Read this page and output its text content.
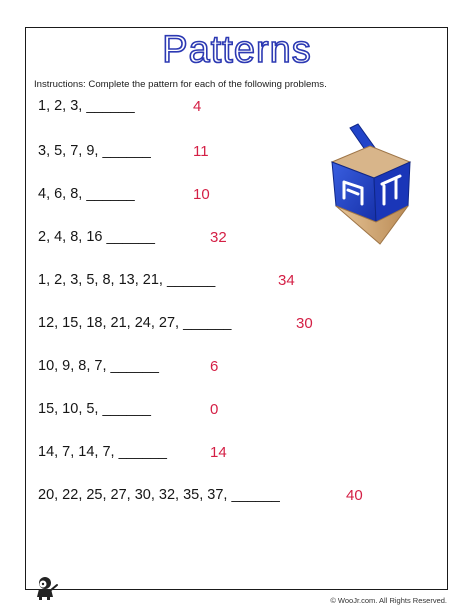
Patterns
Instructions: Complete the pattern for each of the following problems.
1, 2, 3, ______	4
3, 5, 7, 9, ______	11
4, 6, 8, ______	10
2, 4, 8, 16 ______	32
1, 2, 3, 5, 8, 13, 21, ______	34
12, 15, 18, 21, 24, 27, ______	30
10, 9, 8, 7, ______	6
15, 10, 5, ______	0
14, 7, 14, 7, ______	14
20, 22, 25, 27, 30, 32, 35, 37, ______	40
© WooJr.com. All Rights Reserved.
